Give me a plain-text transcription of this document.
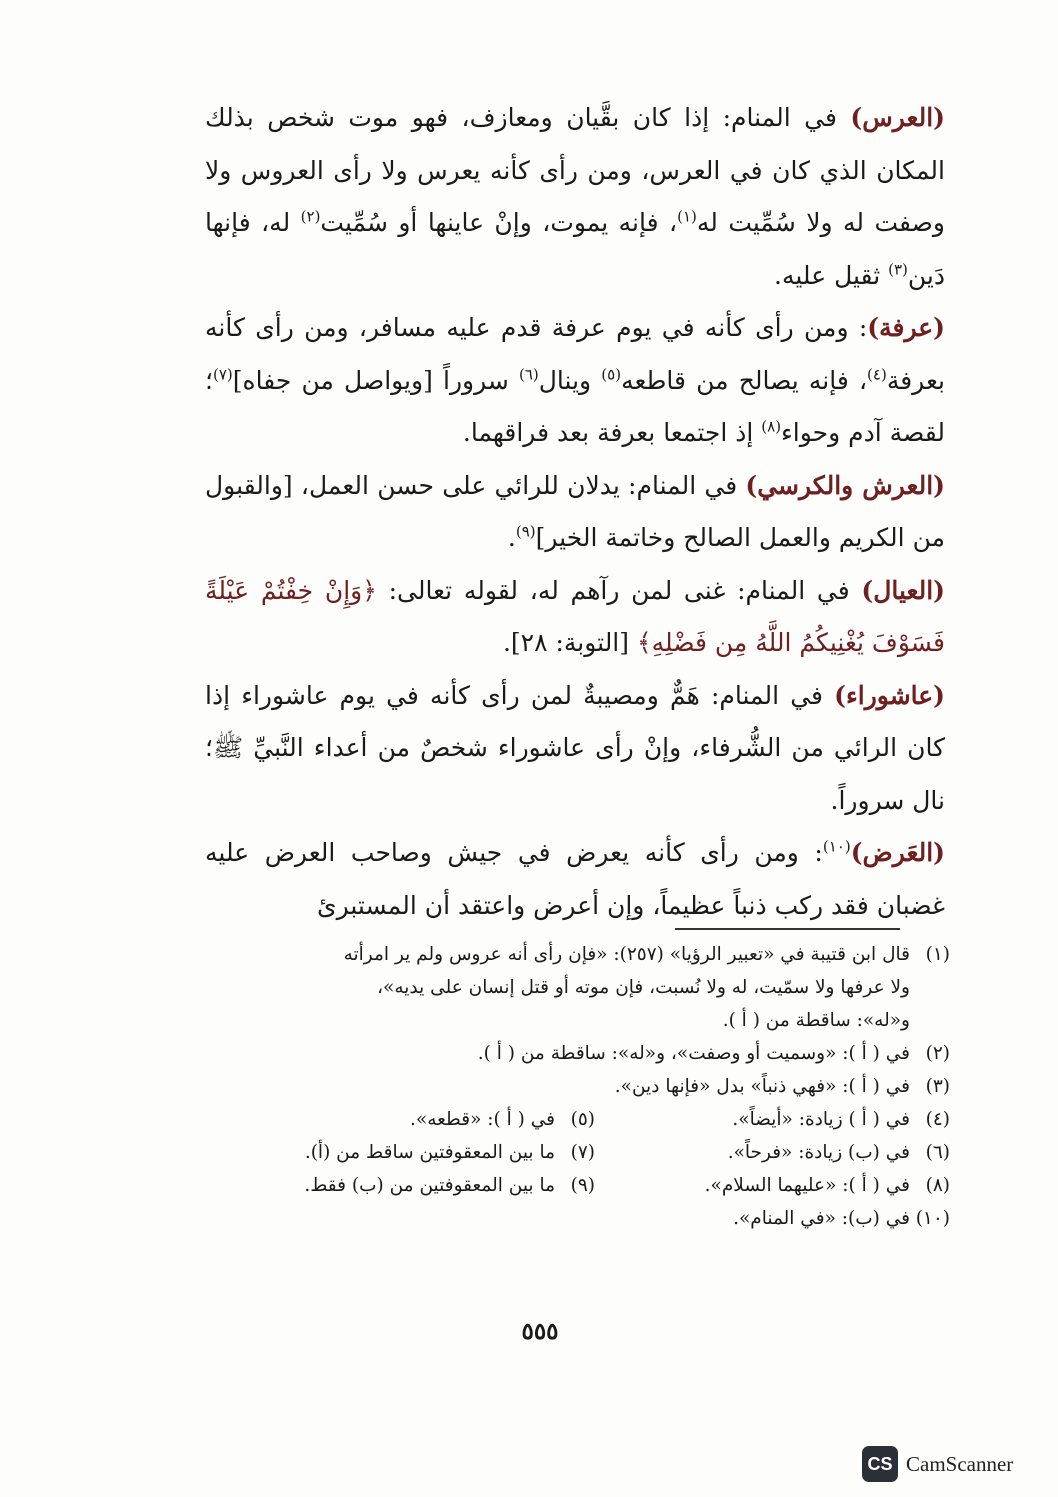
(العرس) في المنام: إذا كان بقَّيان ومعازف، فهو موت شخص بذلك المكان الذي كان في العرس، ومن رأى كأنه يعرس ولا رأى العروس ولا وصفت له ولا سُمِّيت له$^{(١)}$، فإنه يموت، وإنْ عاينها أو سُمِّيت$^{(٢)}$ له، فإنها دَين$^{(٣)}$ ثقيل عليه.

(عرفة): ومن رأى كأنه في يوم عرفة قدم عليه مسافر، ومن رأى كأنه بعرفة$^{(٤)}$، فإنه يصالح من قاطعه$^{(٥)}$ وينال$^{(٦)}$ سروراً [ويواصل من جفاه]$^{(٧)}$؛ لقصة آدم وحواء$^{(٨)}$ إذ اجتمعا بعرفة بعد فراقهما.

(العرش والكرسي) في المنام: يدلان للرائي على حسن العمل، [والقبول من الكريم والعمل الصالح وخاتمة الخير]$^{(٩)}$.

(العيال) في المنام: غنى لمن رآهم له، لقوله تعالى: ﴿وَإِنْ خِفْتُمْ عَيْلَةً فَسَوْفَ يُغْنِيكُمُ اللَّهُ مِن فَضْلِهِ﴾ [التوبة: ٢٨].

(عاشوراء) في المنام: هَمٌّ ومصيبةٌ لمن رأى كأنه في يوم عاشوراء إذا كان الرائي من الشُّرفاء، وإنْ رأى عاشوراء شخصٌ من أعداء النَّبيِّ ﷺ؛ نال سروراً.

(العَرض)$^{(١٠)}$: ومن رأى كأنه يعرض في جيش وصاحب العرض عليه غضبان فقد ركب ذنباً عظيماً، وإن أعرض واعتقد أن المستبرئ

(١)
قال ابن قتيبة في «تعبير الرؤيا» (٢٥٧): «فإن رأى أنه عروس ولم ير امرأته
ولا عرفها ولا سمّيت، له ولا نُسبت، فإن موته أو قتل إنسان على يديه»،
و«له»: ساقطة من ( أ ).
(٢)
في ( أ ): «وسميت أو وصفت»، و«له»: ساقطة من ( أ ).
(٣)
في ( أ ): «فهي ذنباً» بدل «فإنها دين».
(٤)
في ( أ ) زيادة: «أيضاً».
(٥)
في ( أ ): «قطعه».
(٦)
في (ب) زيادة: «فرحاً».
(٧)
ما بين المعقوفتين ساقط من (أ).
(٨)
في ( أ ): «عليهما السلام».
(٩)
ما بين المعقوفتين من (ب) فقط.
(١٠)
في (ب): «في المنام».
٥٥٥
CS CamScanner
